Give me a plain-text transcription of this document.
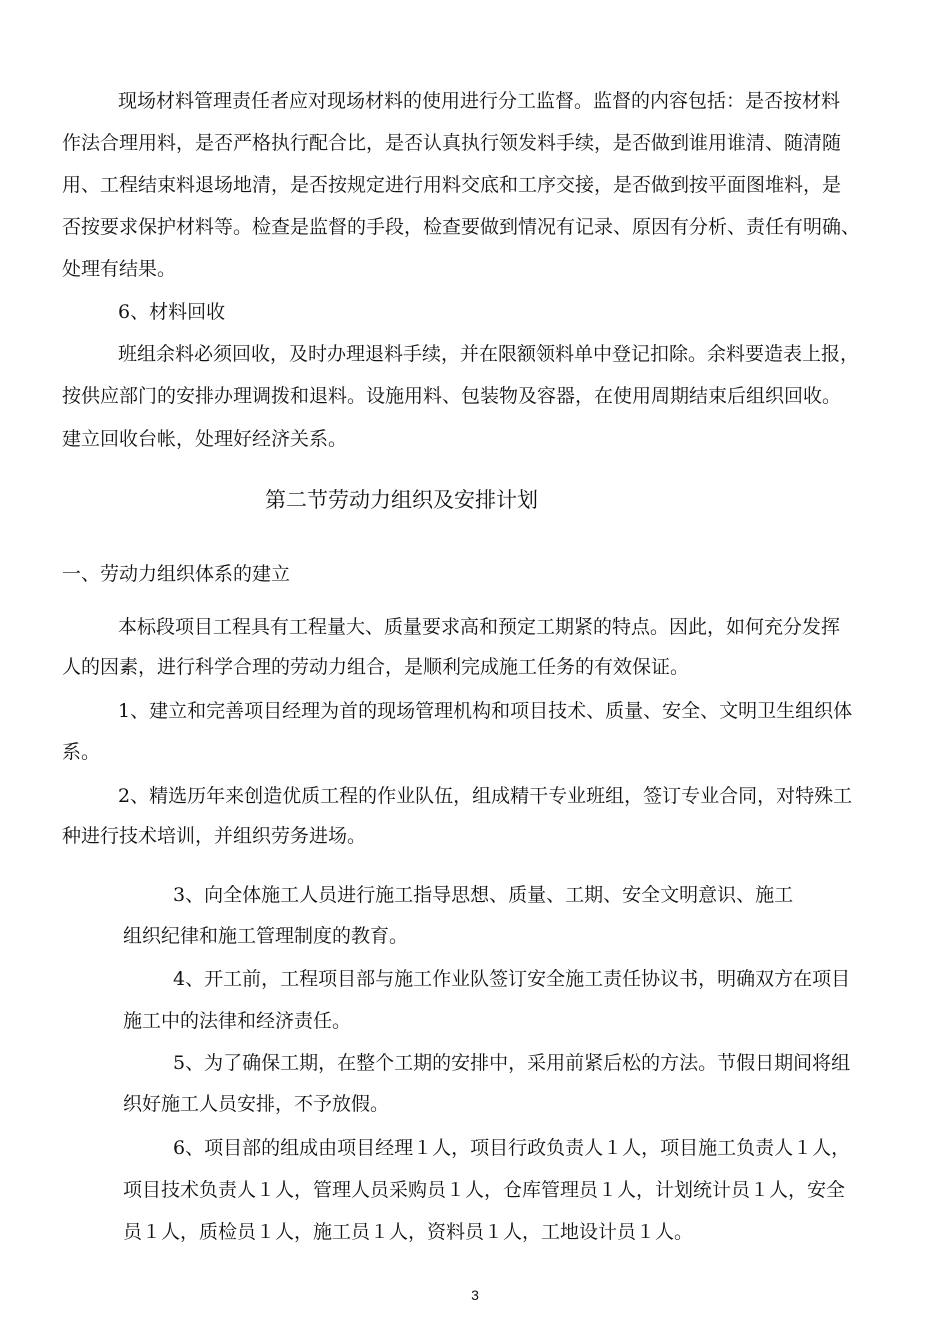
现场材料管理责任者应对现场材料的使用进行分工监督。监督的内容包括：是否按材料
作法合理用料，是否严格执行配合比，是否认真执行领发料手续，是否做到谁用谁清、随清随
用、工程结束料退场地清，是否按规定进行用料交底和工序交接，是否做到按平面图堆料，是
否按要求保护材料等。检查是监督的手段，检查要做到情况有记录、原因有分析、责任有明确、
处理有结果。
6、材料回收
班组余料必须回收，及时办理退料手续，并在限额领料单中登记扣除。余料要造表上报，
按供应部门的安排办理调拨和退料。设施用料、包装物及容器，在使用周期结束后组织回收。
建立回收台帐，处理好经济关系。
第二节劳动力组织及安排计划
一、劳动力组织体系的建立
本标段项目工程具有工程量大、质量要求高和预定工期紧的特点。因此，如何充分发挥
人的因素，进行科学合理的劳动力组合，是顺利完成施工任务的有效保证。
1、建立和完善项目经理为首的现场管理机构和项目技术、质量、安全、文明卫生组织体
系。
2、精选历年来创造优质工程的作业队伍，组成精干专业班组，签订专业合同，对特殊工
种进行技术培训，并组织劳务进场。
3、向全体施工人员进行施工指导思想、质量、工期、安全文明意识、施工
组织纪律和施工管理制度的教育。
4、开工前，工程项目部与施工作业队签订安全施工责任协议书，明确双方在项目
施工中的法律和经济责任。
5、为了确保工期，在整个工期的安排中，采用前紧后松的方法。节假日期间将组
织好施工人员安排，不予放假。
6、项目部的组成由项目经理１人，项目行政负责人１人，项目施工负责人１人，
项目技术负责人１人，管理人员采购员１人，仓库管理员１人，计划统计员１人，安全
员１人，质检员１人，施工员１人，资料员１人，工地设计员１人。
3
